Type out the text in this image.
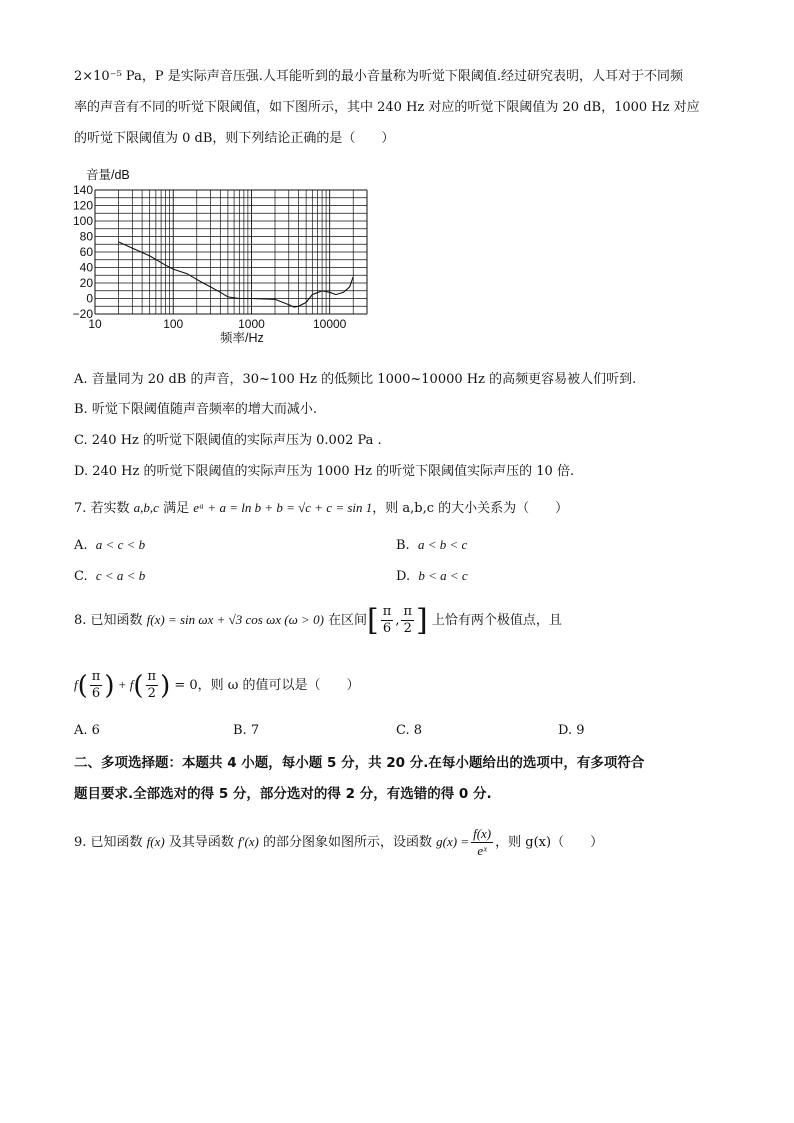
2×10⁻⁵ Pa，P 是实际声音压强.人耳能听到的最小音量称为听觉下限阈值.经过研究表明，人耳对于不同频
率的声音有不同的听觉下限阈值，如下图所示，其中 240 Hz 对应的听觉下限阈值为 20 dB，1000 Hz 对应
的听觉下限阈值为 0 dB，则下列结论正确的是（　　）
140
120
100
80
60
40
20
0
−20
10	100	1000	10000
音量/dB
频率/Hz
A. 音量同为 20 dB 的声音，30~100 Hz 的低频比 1000~10000 Hz 的高频更容易被人们听到.
B. 听觉下限阈值随声音频率的增大而减小.
C. 240 Hz 的听觉下限阈值的实际声压为 0.002 Pa .
D. 240 Hz 的听觉下限阈值的实际声压为 1000 Hz 的听觉下限阈值实际声压的 10 倍.
7. 若实数 a,b,c 满足 eᵃ + a = ln b + b = √c + c = sin 1，则 a,b,c 的大小关系为（　　）
A. a < c < b	B. a < b < c
C. c < a < b	D. b < a < c
8. 已知函数 f(x) = sin ωx + √3 cos ωx (ω > 0) 在区间[ $\frac{\pi}{6}$ , $\frac{\pi}{2}$ ] 上恰有两个极值点，且
$f( \frac{\pi}{6}$ ) + $f( \frac{\pi}{2}$ ) = 0，则 ω 的值可以是（　　）
A. 6	B. 7	C. 8	D. 9
二、多项选择题：本题共 4 小题，每小题 5 分，共 20 分.在每小题给出的选项中，有多项符合
题目要求.全部选对的得 5 分，部分选对的得 2 分，有选错的得 0 分.
9. 已知函数 f(x) 及其导函数 f′(x) 的部分图象如图所示，设函数 $g(x) = \frac{f(x)}{\text{eˣ}}$ ，则 g(x)（　　）
